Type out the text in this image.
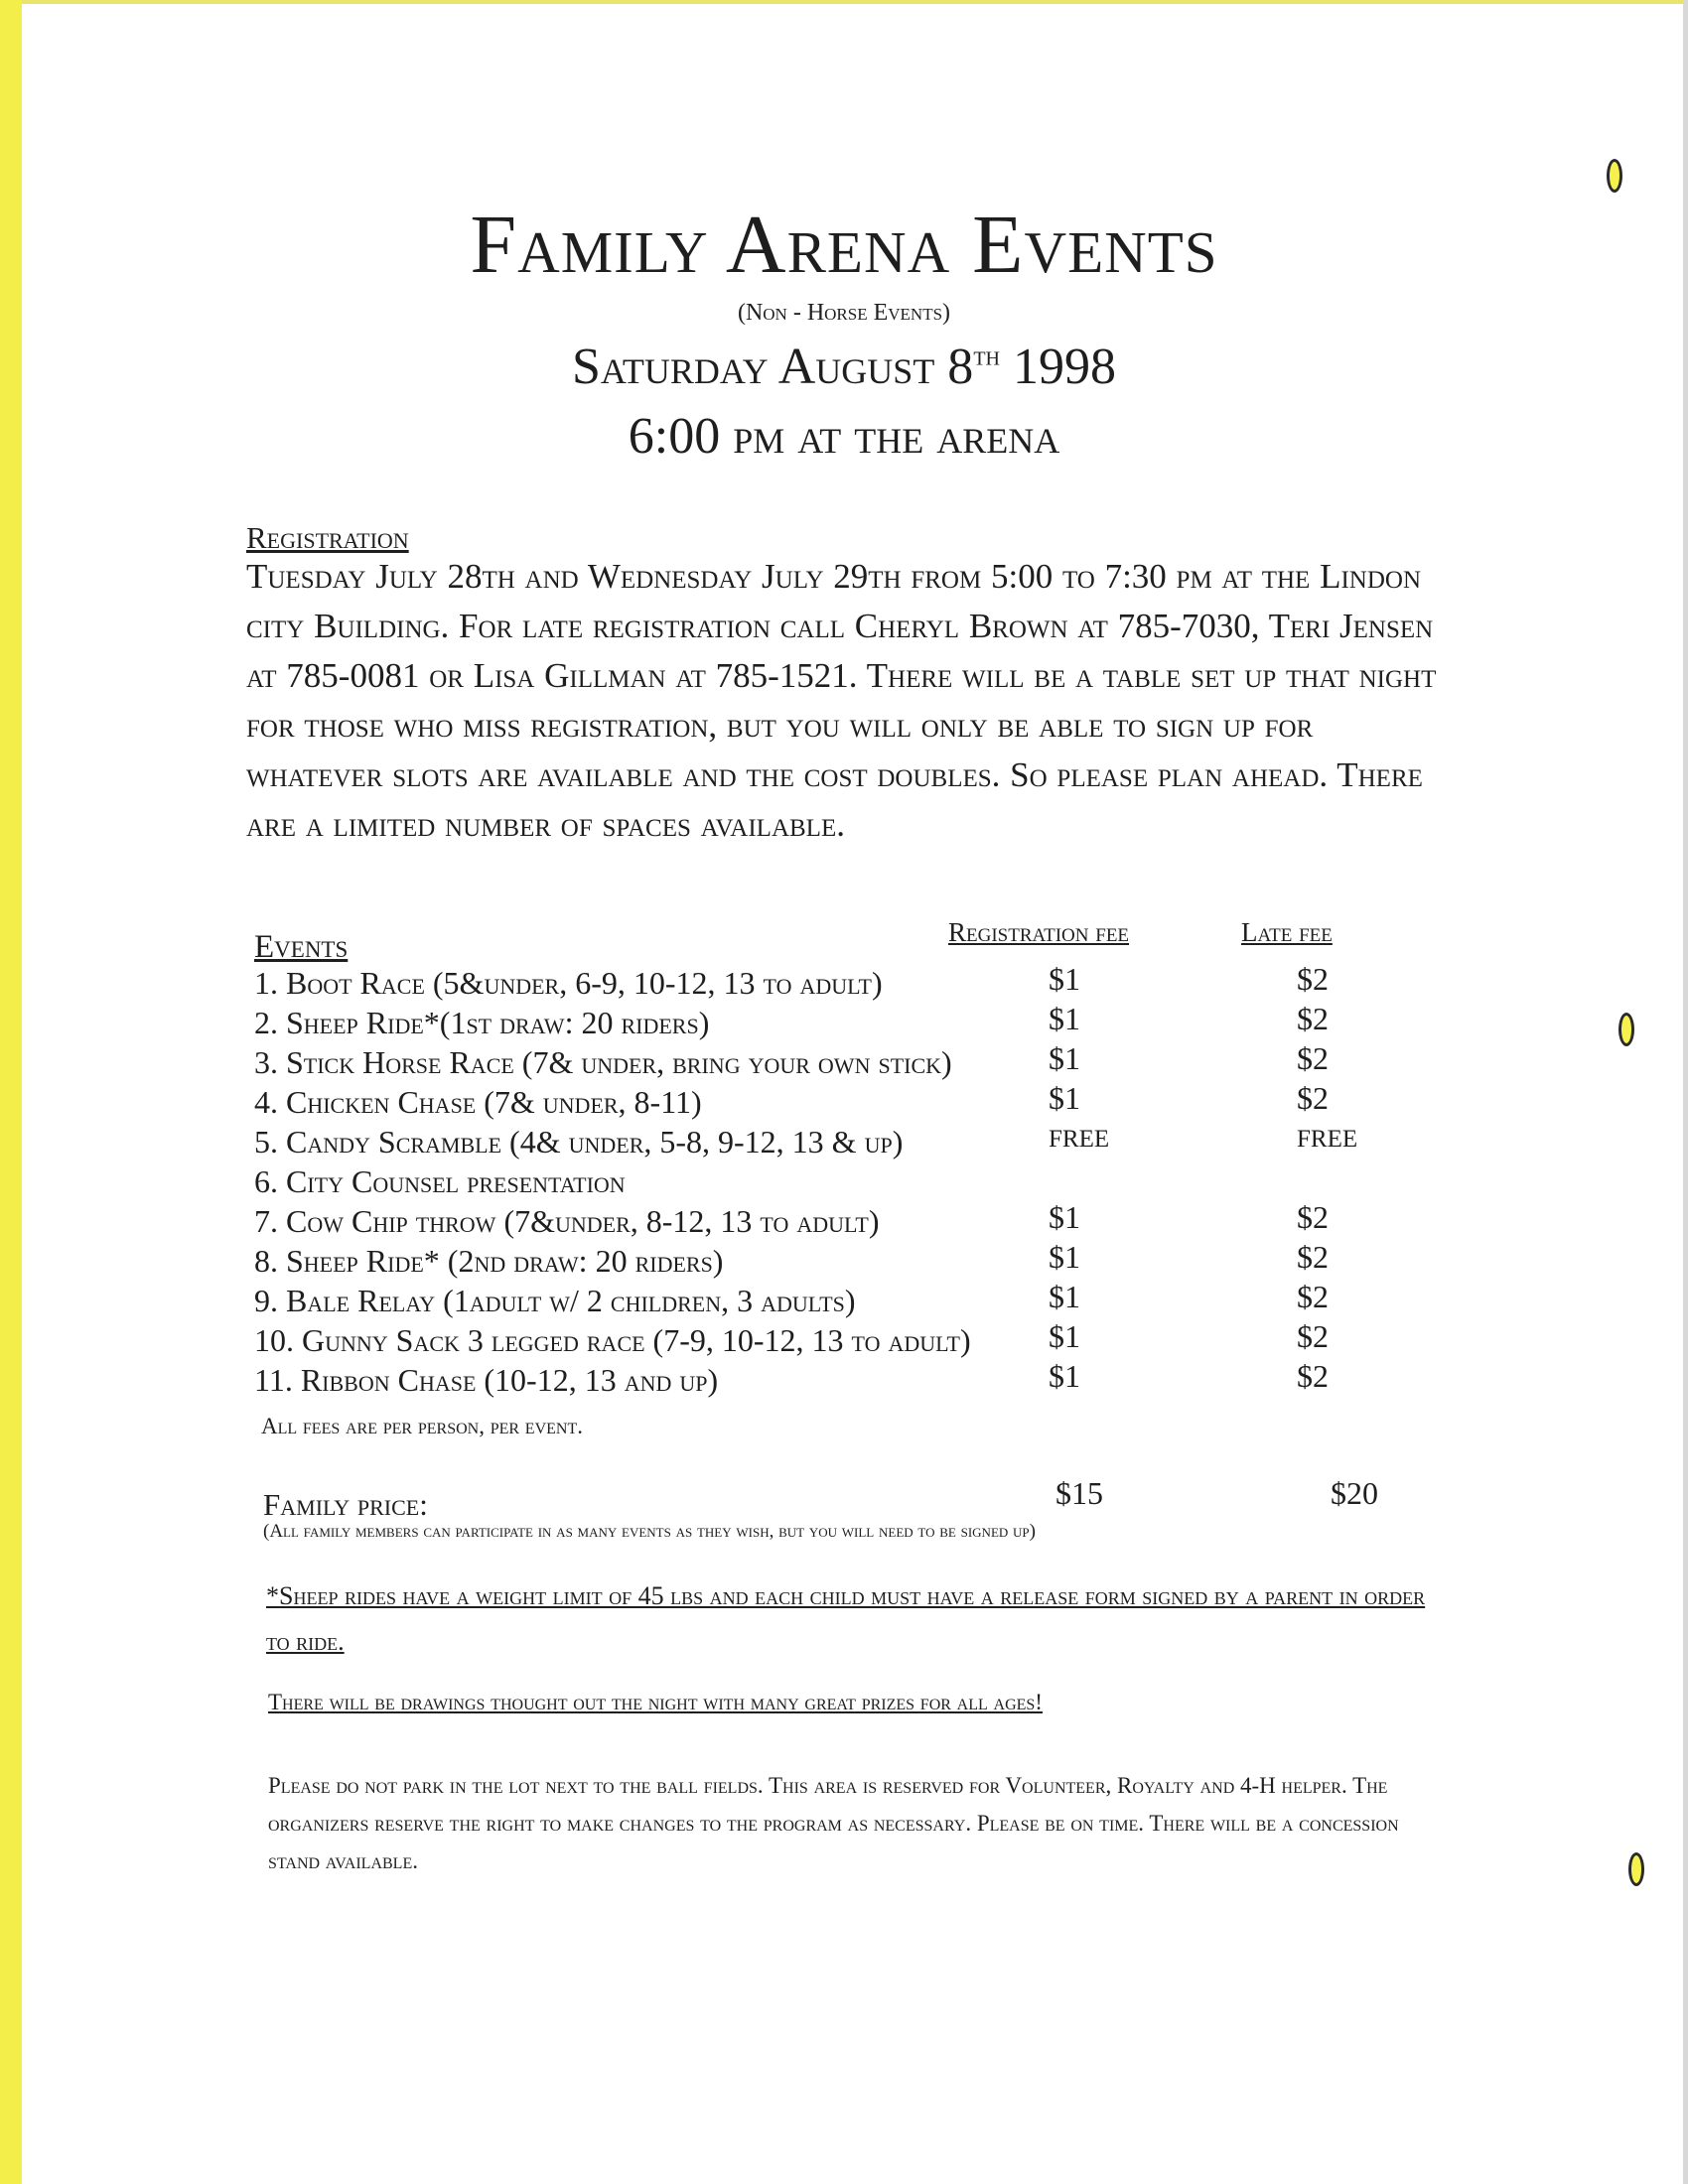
Family Arena Events
(Non - Horse Events)
Saturday August 8th 1998
6:00 pm at the arena
Registration
Tuesday July 28th and Wednesday July 29th from 5:00 to 7:30 pm at the Lindon city Building. For late registration call Cheryl Brown at 785-7030, Teri Jensen at 785-0081 or Lisa Gillman at 785-1521. There will be a table set up that night for those who miss registration, but you will only be able to sign up for whatever slots are available and the cost doubles. So please plan ahead. There are a limited number of spaces available.
Events	Registration fee	Late fee
1. Boot Race (5&under, 6-9, 10-12, 13 to adult)	$1	$2
2. Sheep Ride*(1st draw: 20 riders)	$1	$2
3. Stick Horse Race (7& under, bring your own stick)	$1	$2
4. Chicken Chase (7& under, 8-11)	$1	$2
5. Candy Scramble (4& under, 5-8, 9-12, 13 & up)	FREE	FREE
6. City Counsel presentation
7. Cow Chip throw (7&under, 8-12, 13 to adult)	$1	$2
8. Sheep Ride* (2nd draw: 20 riders)	$1	$2
9. Bale Relay (1adult w/ 2 children, 3 adults)	$1	$2
10. Gunny Sack 3 legged race (7-9, 10-12, 13 to adult) $1	$2
11. Ribbon Chase (10-12, 13 and up)	$1	$2
All fees are per person, per event.
Family price:	$15	$20
(All family members can participate in as many events as they wish, but you will need to be signed up)
*Sheep rides have a weight limit of 45 lbs and each child must have a release form signed by a parent in order to ride.
There will be drawings thought out the night with many great prizes for all ages!
Please do not park in the lot next to the ball fields. This area is reserved for Volunteer, Royalty and 4-H helper. The organizers reserve the right to make changes to the program as necessary. Please be on time. There will be a concession stand available.
